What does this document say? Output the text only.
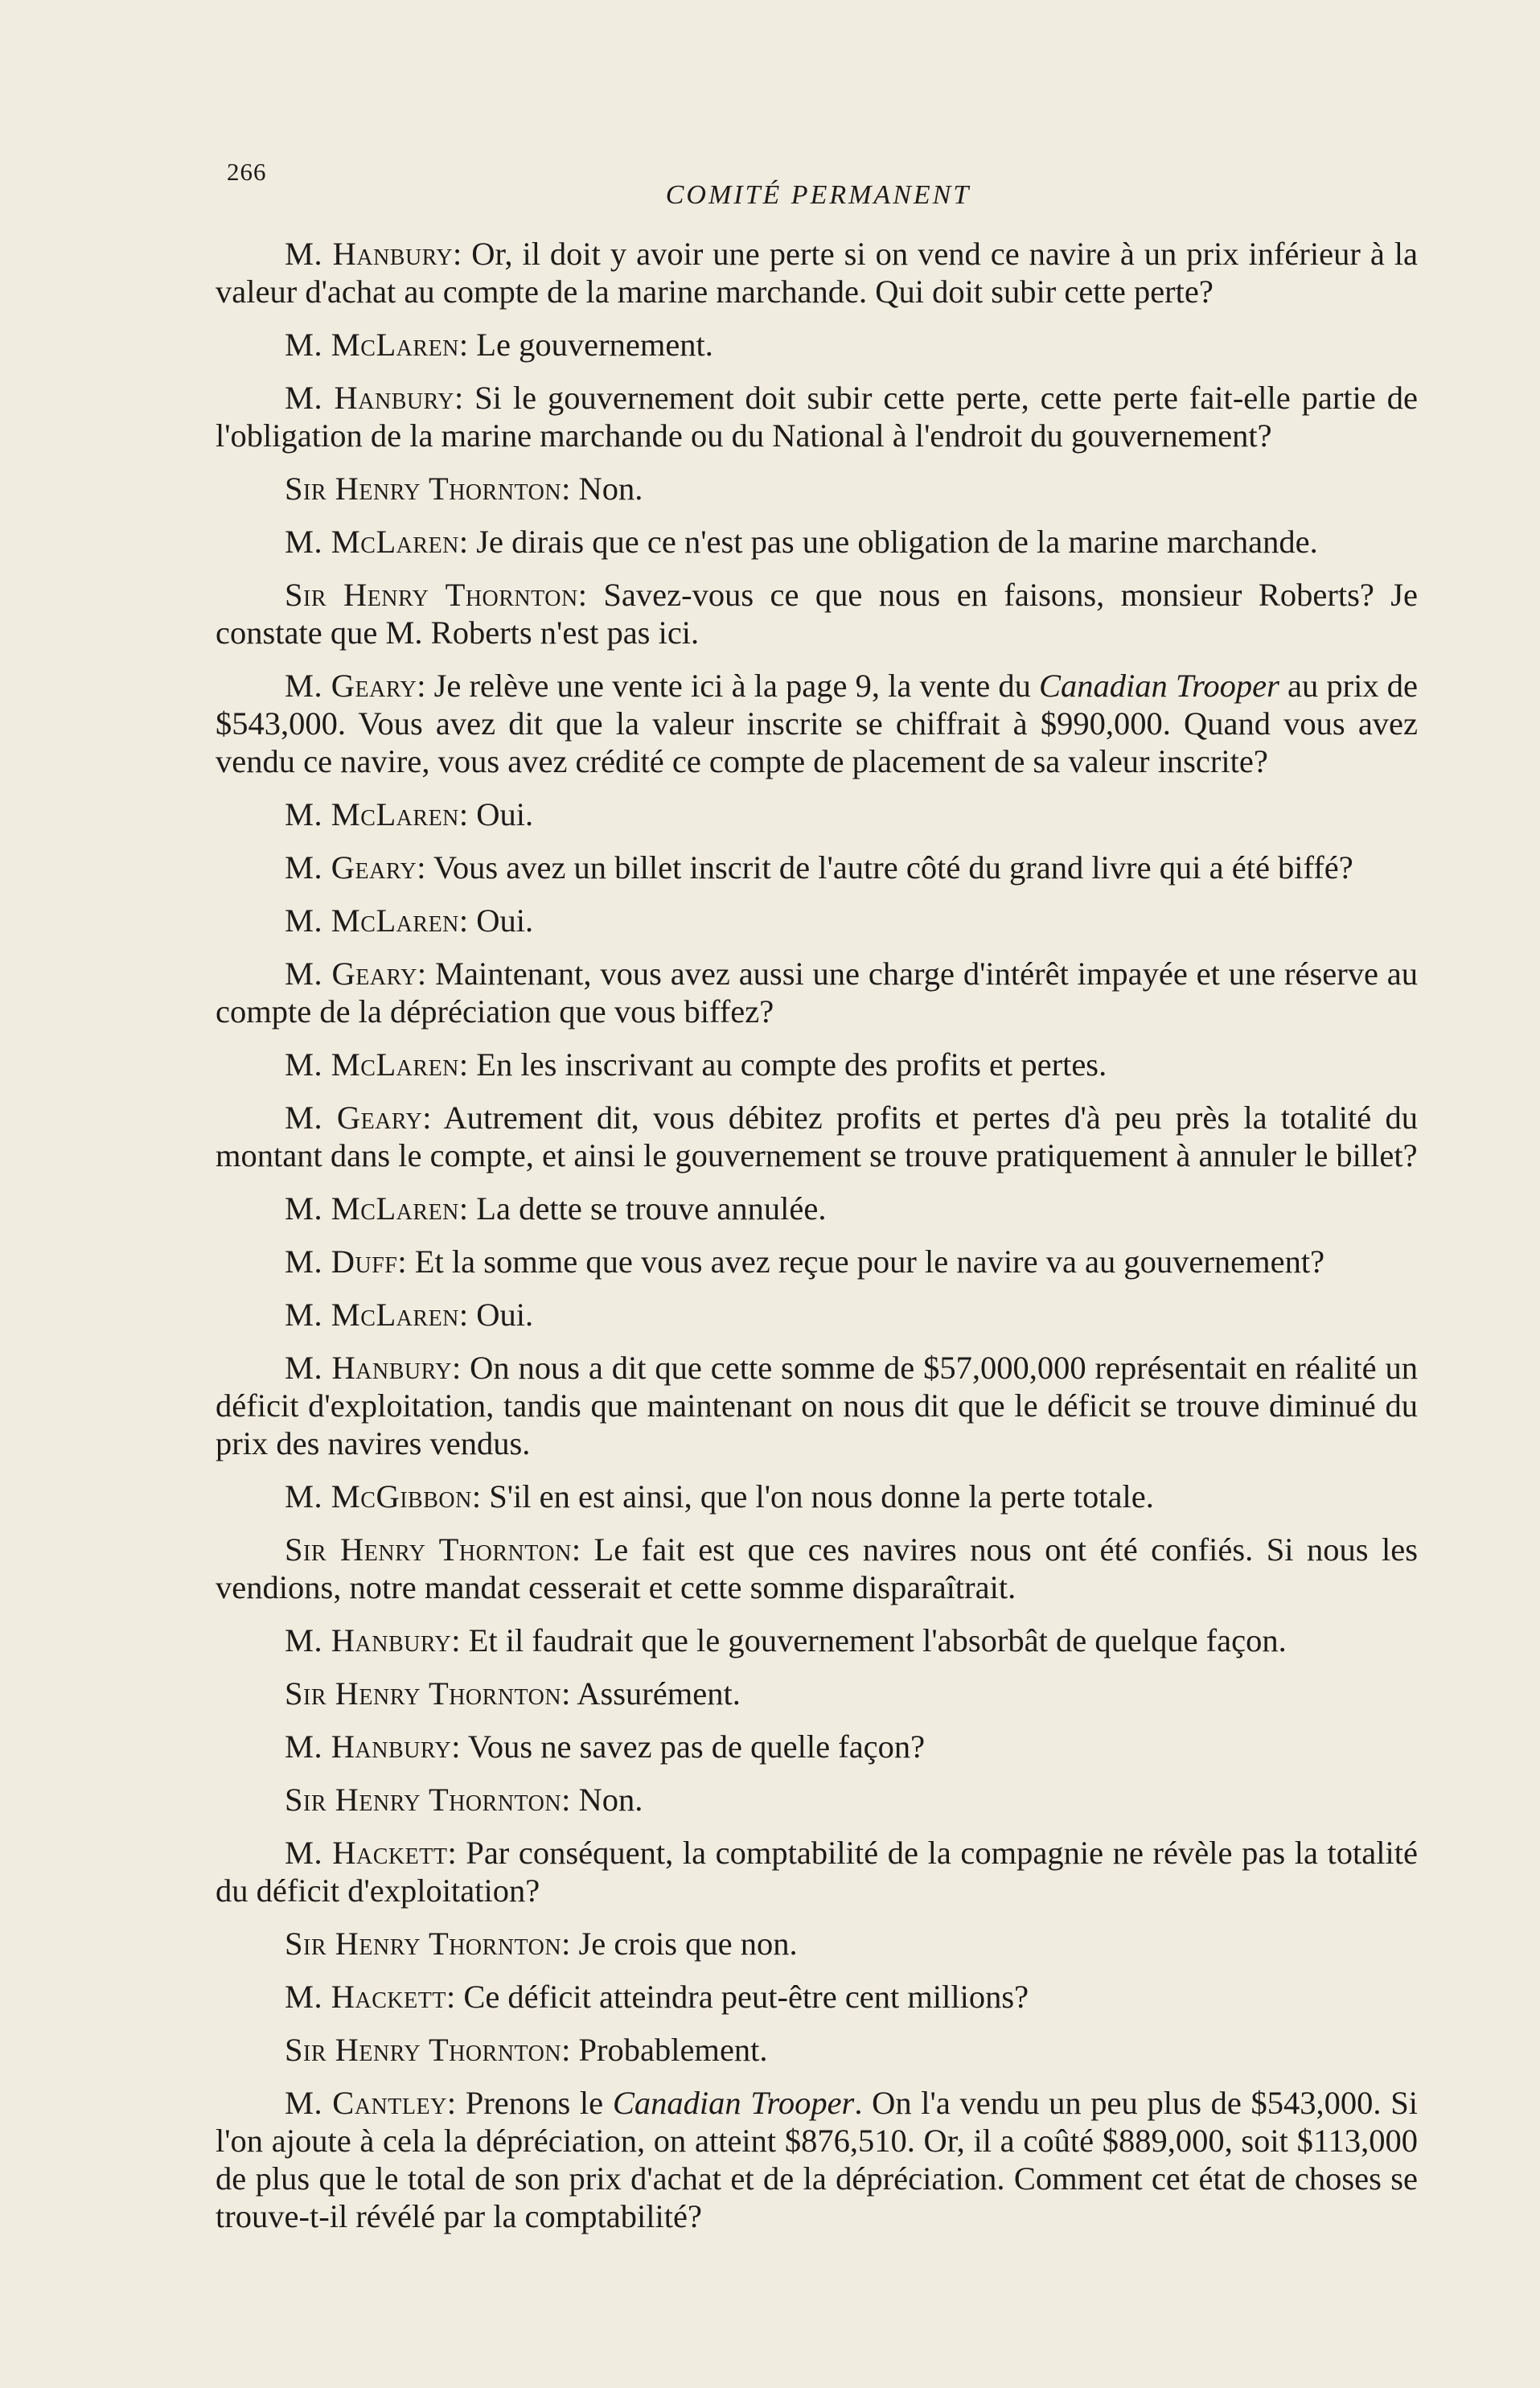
266
COMITÉ PERMANENT

M. Hanbury: Or, il doit y avoir une perte si on vend ce navire à un prix inférieur à la valeur d'achat au compte de la marine marchande. Qui doit subir cette perte?

M. McLaren: Le gouvernement.

M. Hanbury: Si le gouvernement doit subir cette perte, cette perte fait-elle partie de l'obligation de la marine marchande ou du National à l'endroit du gouvernement?

Sir Henry Thornton: Non.

M. McLaren: Je dirais que ce n'est pas une obligation de la marine marchande.

Sir Henry Thornton: Savez-vous ce que nous en faisons, monsieur Roberts? Je constate que M. Roberts n'est pas ici.

M. Geary: Je relève une vente ici à la page 9, la vente du Canadian Trooper au prix de $543,000. Vous avez dit que la valeur inscrite se chiffrait à $990,000. Quand vous avez vendu ce navire, vous avez crédité ce compte de placement de sa valeur inscrite?

M. McLaren: Oui.

M. Geary: Vous avez un billet inscrit de l'autre côté du grand livre qui a été biffé?

M. McLaren: Oui.

M. Geary: Maintenant, vous avez aussi une charge d'intérêt impayée et une réserve au compte de la dépréciation que vous biffez?

M. McLaren: En les inscrivant au compte des profits et pertes.

M. Geary: Autrement dit, vous débitez profits et pertes d'à peu près la totalité du montant dans le compte, et ainsi le gouvernement se trouve pratiquement à annuler le billet?

M. McLaren: La dette se trouve annulée.

M. Duff: Et la somme que vous avez reçue pour le navire va au gouvernement?

M. McLaren: Oui.

M. Hanbury: On nous a dit que cette somme de $57,000,000 représentait en réalité un déficit d'exploitation, tandis que maintenant on nous dit que le déficit se trouve diminué du prix des navires vendus.

M. McGibbon: S'il en est ainsi, que l'on nous donne la perte totale.

Sir Henry Thornton: Le fait est que ces navires nous ont été confiés. Si nous les vendions, notre mandat cesserait et cette somme disparaîtrait.

M. Hanbury: Et il faudrait que le gouvernement l'absorbât de quelque façon.

Sir Henry Thornton: Assurément.

M. Hanbury: Vous ne savez pas de quelle façon?

Sir Henry Thornton: Non.

M. Hackett: Par conséquent, la comptabilité de la compagnie ne révèle pas la totalité du déficit d'exploitation?

Sir Henry Thornton: Je crois que non.

M. Hackett: Ce déficit atteindra peut-être cent millions?

Sir Henry Thornton: Probablement.

M. Cantley: Prenons le Canadian Trooper. On l'a vendu un peu plus de $543,000. Si l'on ajoute à cela la dépréciation, on atteint $876,510. Or, il a coûté $889,000, soit $113,000 de plus que le total de son prix d'achat et de la dépréciation. Comment cet état de choses se trouve-t-il révélé par la comptabilité?
